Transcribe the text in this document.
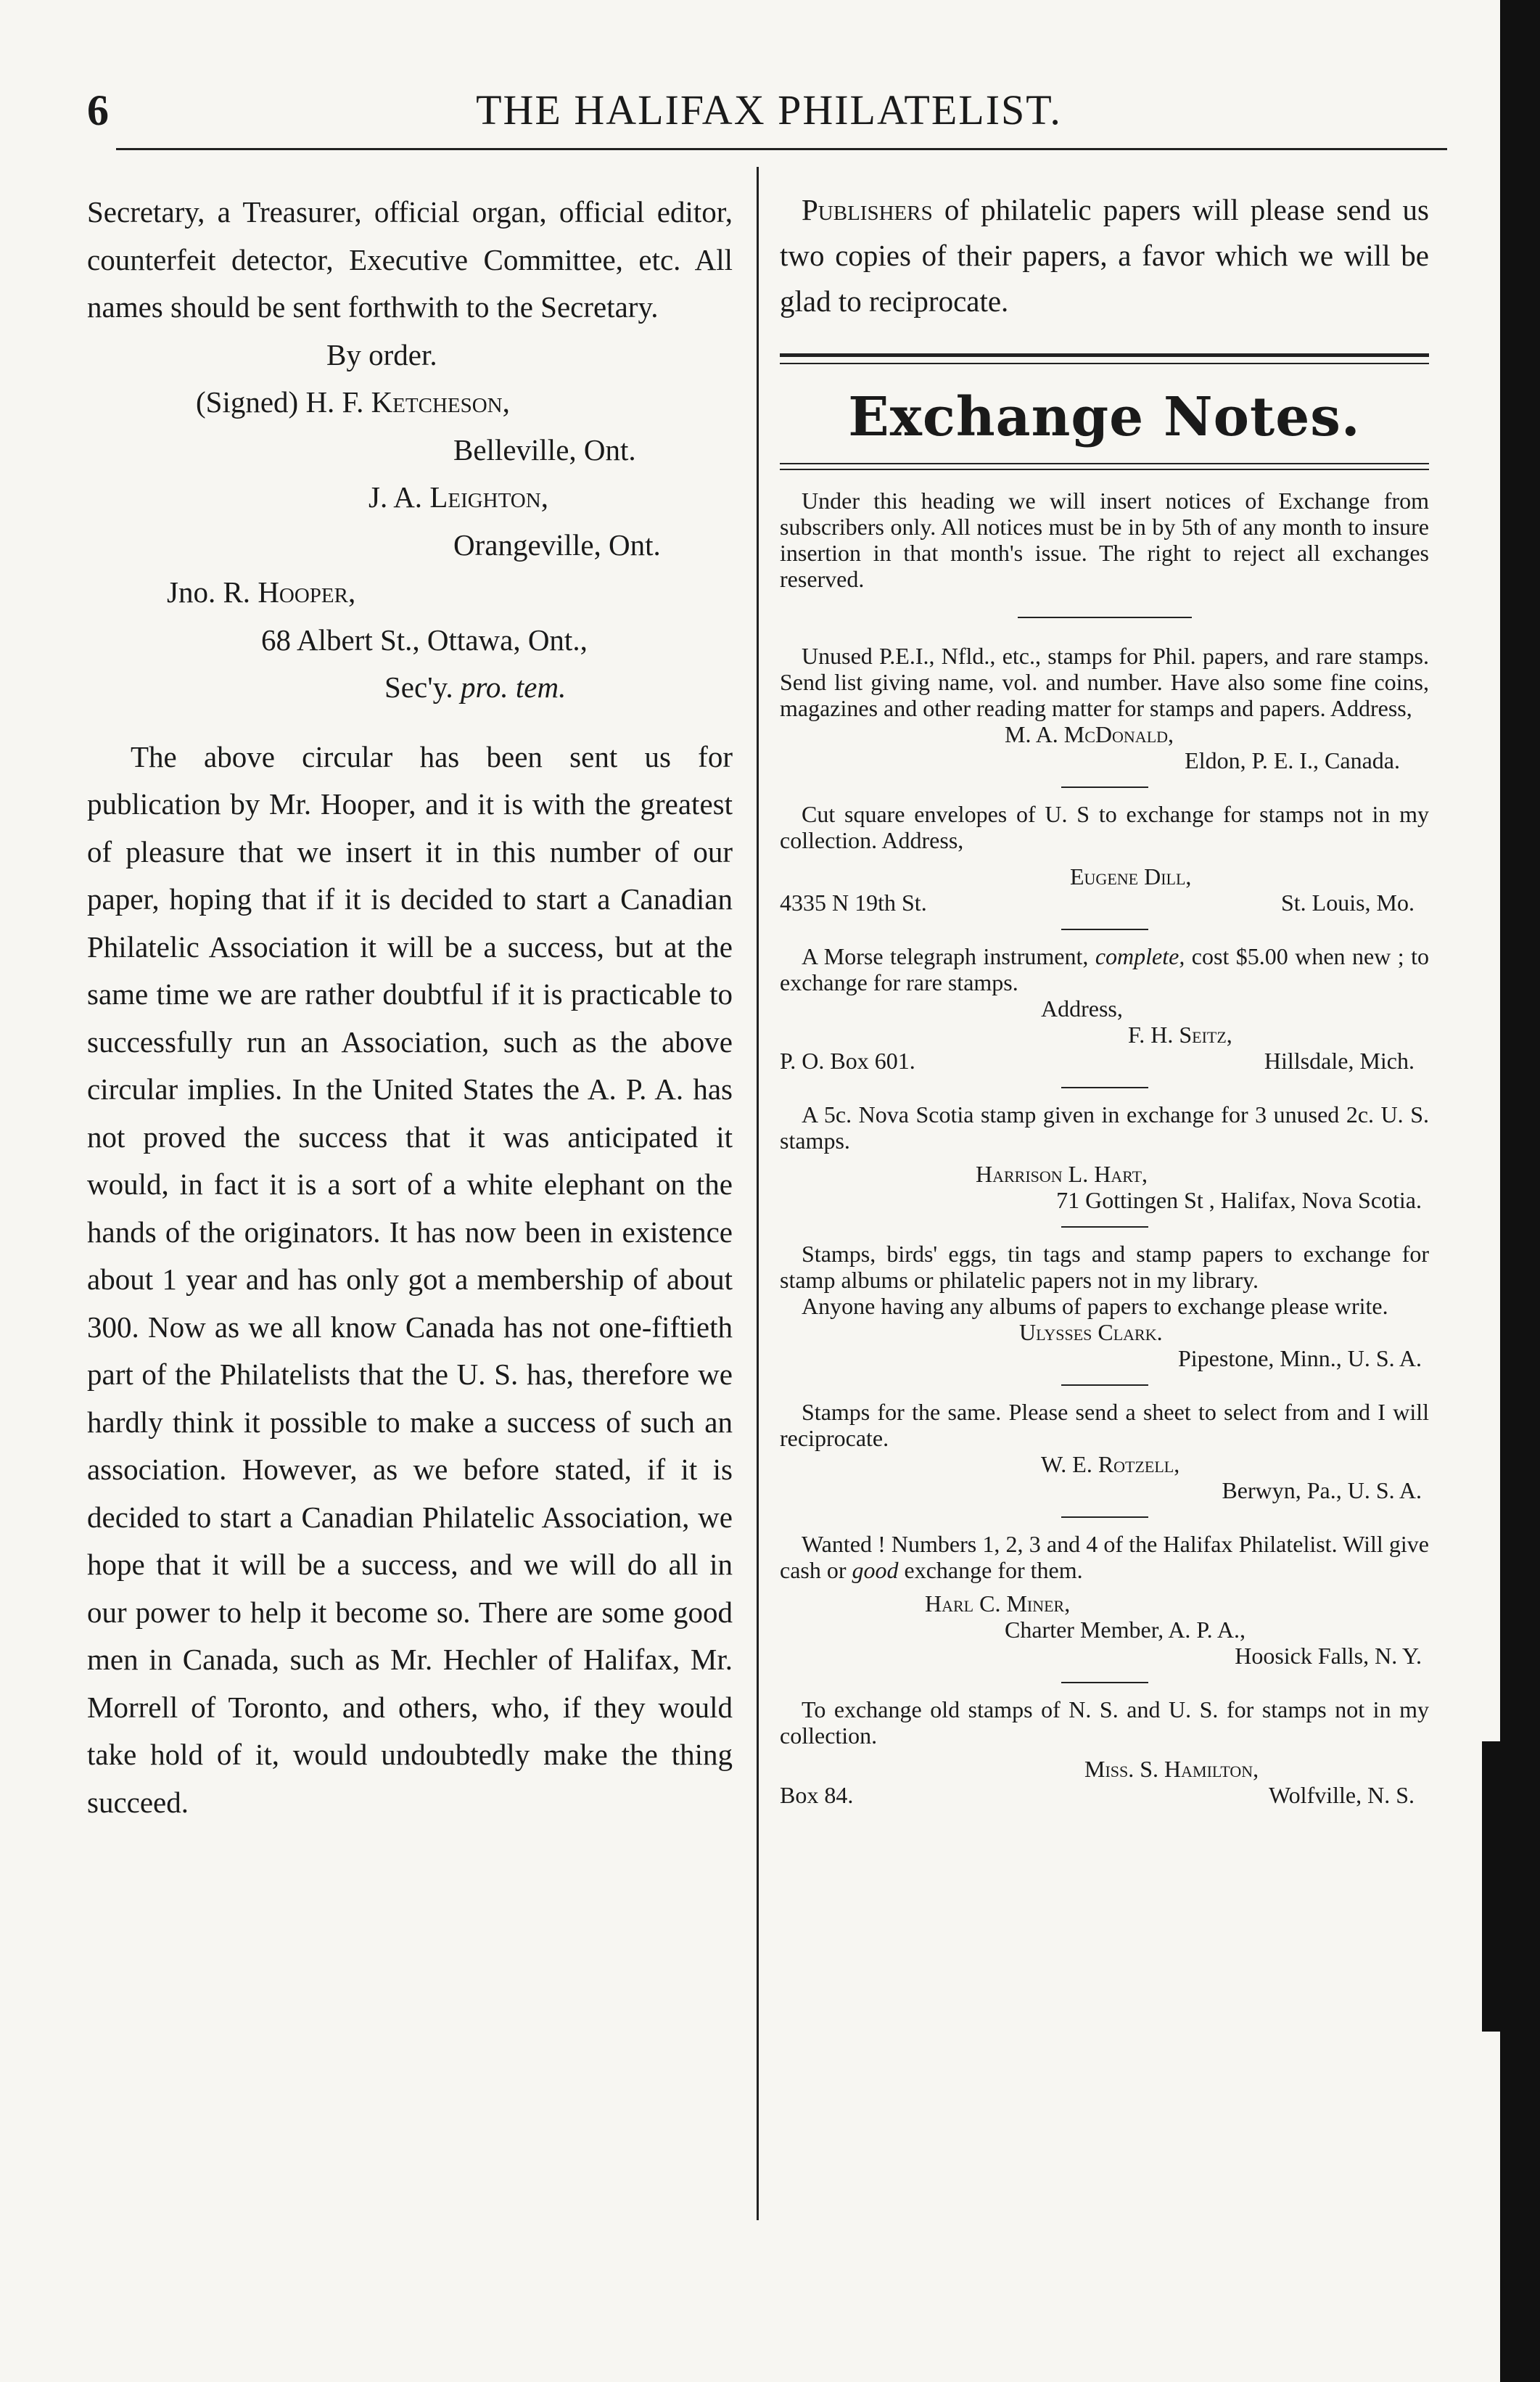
6	THE HALIFAX PHILATELIST.

Secretary, a Treasurer, official organ, official editor, counterfeit detector, Executive Committee, etc. All names should be sent forthwith to the Secretary.

By order.
(Signed) H. F. Ketcheson,
Belleville, Ont.
J. A. Leighton,
Orangeville, Ont.
Jno. R. Hooper,
68 Albert St., Ottawa, Ont.,
Sec'y. pro. tem.

The above circular has been sent us for publication by Mr. Hooper, and it is with the greatest of pleasure that we insert it in this number of our paper, hoping that if it is decided to start a Canadian Philatelic Association it will be a success, but at the same time we are rather doubtful if it is practicable to successfully run an Association, such as the above circular implies. In the United States the A. P. A. has not proved the success that it was anticipated it would, in fact it is a sort of a white elephant on the hands of the originators. It has now been in existence about 1 year and has only got a membership of about 300. Now as we all know Canada has not one-fiftieth part of the Philatelists that the U. S. has, therefore we hardly think it possible to make a success of such an association. However, as we before stated, if it is decided to start a Canadian Philatelic Association, we hope that it will be a success, and we will do all in our power to help it become so. There are some good men in Canada, such as Mr. Hechler of Halifax, Mr. Morrell of Toronto, and others, who, if they would take hold of it, would undoubtedly make the thing succeed.

Publishers of philatelic papers will please send us two copies of their papers, a favor which we will be glad to reciprocate.

Exchange Notes.

Under this heading we will insert notices of Exchange from subscribers only. All notices must be in by 5th of any month to insure insertion in that month's issue. The right to reject all exchanges reserved.

Unused P.E.I., Nfld., etc., stamps for Phil. papers, and rare stamps. Send list giving name, vol. and number. Have also some fine coins, magazines and other reading matter for stamps and papers. Address,

M. A. McDonald,
Eldon, P. E. I., Canada.

Cut square envelopes of U. S to exchange for stamps not in my collection. Address,

Eugene Dill,
4335 N 19th St.	St. Louis, Mo.

A Morse telegraph instrument, complete, cost $5.00 when new ; to exchange for rare stamps.

Address,
F. H. Seitz,
P. O. Box 601.	Hillsdale, Mich.

A 5c. Nova Scotia stamp given in exchange for 3 unused 2c. U. S. stamps.

Harrison L. Hart,
71 Gottingen St , Halifax, Nova Scotia.

Stamps, birds' eggs, tin tags and stamp papers to exchange for stamp albums or philatelic papers not in my library.

Anyone having any albums of papers to exchange please write.

Ulysses Clark.
Pipestone, Minn., U. S. A.

Stamps for the same. Please send a sheet to select from and I will reciprocate.

W. E. Rotzell,
Berwyn, Pa., U. S. A.

Wanted ! Numbers 1, 2, 3 and 4 of the Halifax Philatelist. Will give cash or good exchange for them.

Harl C. Miner,
Charter Member, A. P. A.,
Hoosick Falls, N. Y.

To exchange old stamps of N. S. and U. S. for stamps not in my collection.

Miss. S. Hamilton,
Box 84.	Wolfville, N. S.
